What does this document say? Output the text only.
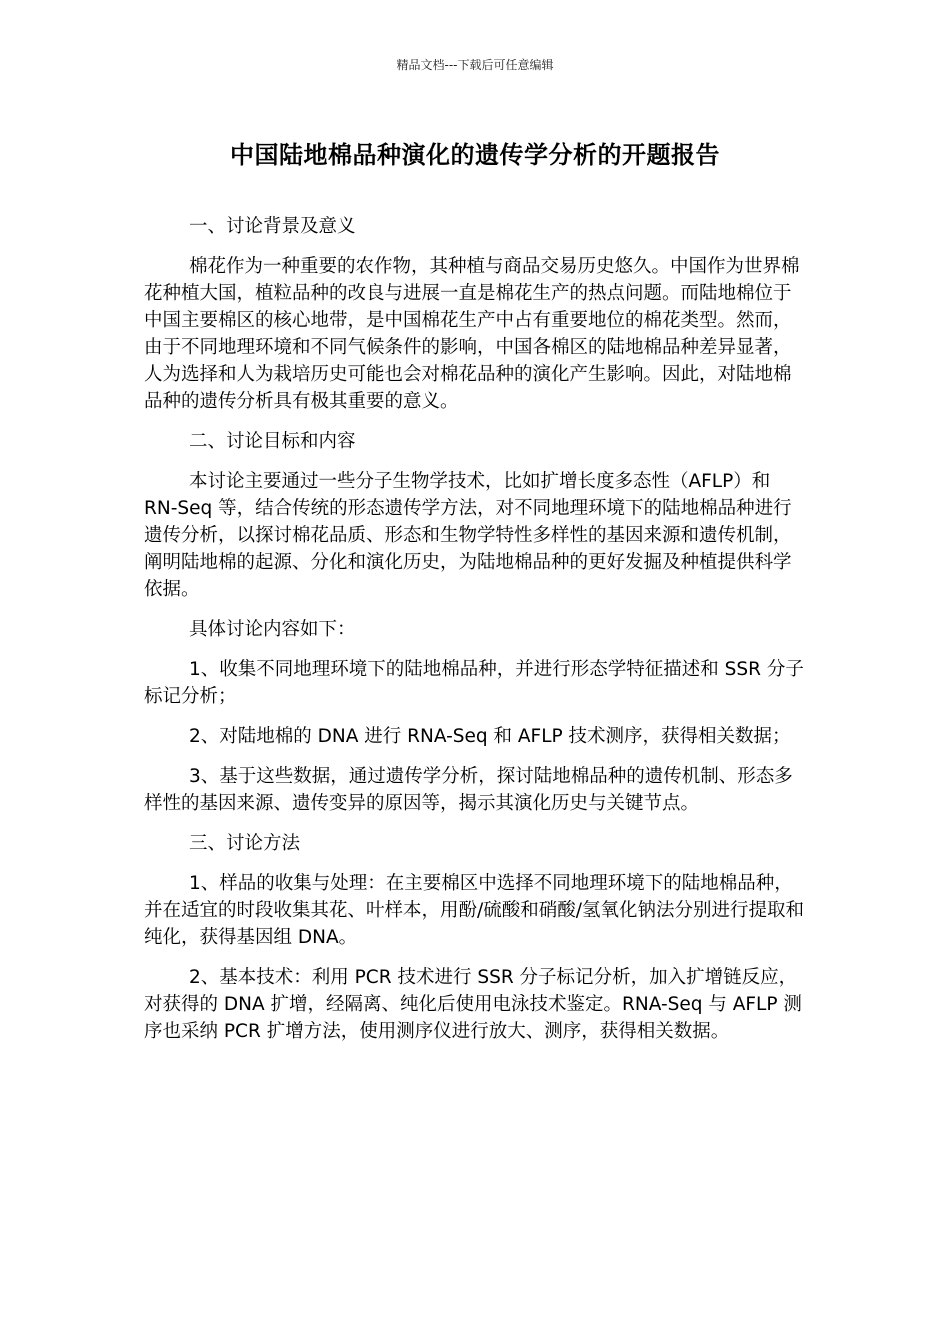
精品文档---下载后可任意编辑
中国陆地棉品种演化的遗传学分析的开题报告

一、讨论背景及意义

棉花作为一种重要的农作物，其种植与商品交易历史悠久。中国作为世界棉花种植大国，植粒品种的改良与进展一直是棉花生产的热点问题。而陆地棉位于中国主要棉区的核心地带，是中国棉花生产中占有重要地位的棉花类型。然而，由于不同地理环境和不同气候条件的影响，中国各棉区的陆地棉品种差异显著，人为选择和人为栽培历史可能也会对棉花品种的演化产生影响。因此，对陆地棉品种的遗传分析具有极其重要的意义。

二、讨论目标和内容

本讨论主要通过一些分子生物学技术，比如扩增长度多态性（AFLP）和 RN-Seq 等，结合传统的形态遗传学方法，对不同地理环境下的陆地棉品种进行遗传分析，以探讨棉花品质、形态和生物学特性多样性的基因来源和遗传机制，阐明陆地棉的起源、分化和演化历史，为陆地棉品种的更好发掘及种植提供科学依据。

具体讨论内容如下：

1、收集不同地理环境下的陆地棉品种，并进行形态学特征描述和 SSR 分子标记分析；

2、对陆地棉的 DNA 进行 RNA-Seq 和 AFLP 技术测序，获得相关数据；

3、基于这些数据，通过遗传学分析，探讨陆地棉品种的遗传机制、形态多样性的基因来源、遗传变异的原因等，揭示其演化历史与关键节点。

三、讨论方法

1、样品的收集与处理：在主要棉区中选择不同地理环境下的陆地棉品种，并在适宜的时段收集其花、叶样本，用酚/硫酸和硝酸/氢氧化钠法分别进行提取和纯化，获得基因组 DNA。

2、基本技术：利用 PCR 技术进行 SSR 分子标记分析，加入扩增链反应，对获得的 DNA 扩增，经隔离、纯化后使用电泳技术鉴定。RNA-Seq 与 AFLP 测序也采纳 PCR 扩增方法，使用测序仪进行放大、测序，获得相关数据。
